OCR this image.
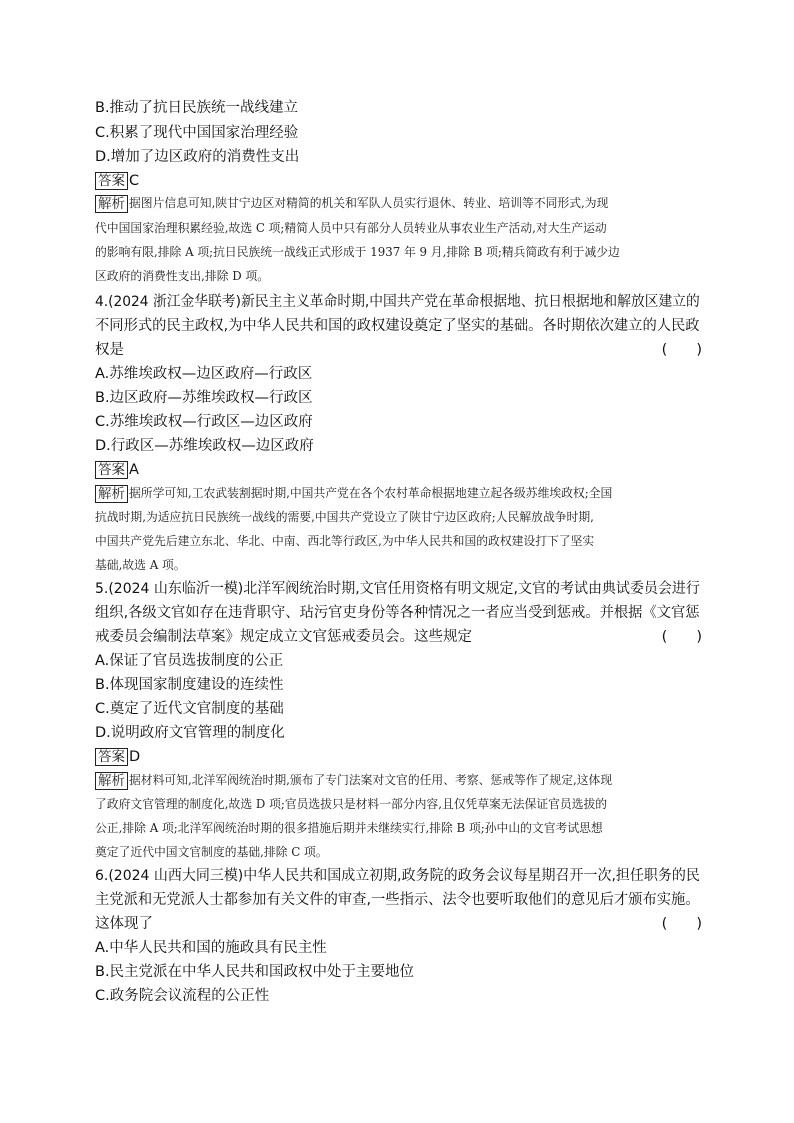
B.推动了抗日民族统一战线建立
C.积累了现代中国国家治理经验
D.增加了边区政府的消费性支出
答案 C
解析 据图片信息可知,陕甘宁边区对精简的机关和军队人员实行退休、转业、培训等不同形式,为现
代中国国家治理积累经验,故选 C 项;精简人员中只有部分人员转业从事农业生产活动,对大生产运动
的影响有限,排除 A 项;抗日民族统一战线正式形成于 1937 年 9 月,排除 B 项;精兵简政有利于减少边
区政府的消费性支出,排除 D 项。
4.(2024 浙江金华联考)新民主主义革命时期,中国共产党在革命根据地、抗日根据地和解放区建立的
不同形式的民主政权,为中华人民共和国的政权建设奠定了坚实的基础。各时期依次建立的人民政
权是	(　　)
A.苏维埃政权—边区政府—行政区
B.边区政府—苏维埃政权—行政区
C.苏维埃政权—行政区—边区政府
D.行政区—苏维埃政权—边区政府
答案 A
解析 据所学可知,工农武装割据时期,中国共产党在各个农村革命根据地建立起各级苏维埃政权;全国
抗战时期,为适应抗日民族统一战线的需要,中国共产党设立了陕甘宁边区政府;人民解放战争时期,
中国共产党先后建立东北、华北、中南、西北等行政区,为中华人民共和国的政权建设打下了坚实
基础,故选 A 项。
5.(2024 山东临沂一模)北洋军阀统治时期,文官任用资格有明文规定,文官的考试由典试委员会进行
组织,各级文官如存在违背职守、玷污官吏身份等各种情况之一者应当受到惩戒。并根据《文官惩
戒委员会编制法草案》规定成立文官惩戒委员会。这些规定	(　　)
A.保证了官员选拔制度的公正
B.体现国家制度建设的连续性
C.奠定了近代文官制度的基础
D.说明政府文官管理的制度化
答案 D
解析 据材料可知,北洋军阀统治时期,颁布了专门法案对文官的任用、考察、惩戒等作了规定,这体现
了政府文官管理的制度化,故选 D 项;官员选拔只是材料一部分内容,且仅凭草案无法保证官员选拔的
公正,排除 A 项;北洋军阀统治时期的很多措施后期并未继续实行,排除 B 项;孙中山的文官考试思想
奠定了近代中国文官制度的基础,排除 C 项。
6.(2024 山西大同三模)中华人民共和国成立初期,政务院的政务会议每星期召开一次,担任职务的民
主党派和无党派人士都参加有关文件的审查,一些指示、法令也要听取他们的意见后才颁布实施。
这体现了	(　　)
A.中华人民共和国的施政具有民主性
B.民主党派在中华人民共和国政权中处于主要地位
C.政务院会议流程的公正性
